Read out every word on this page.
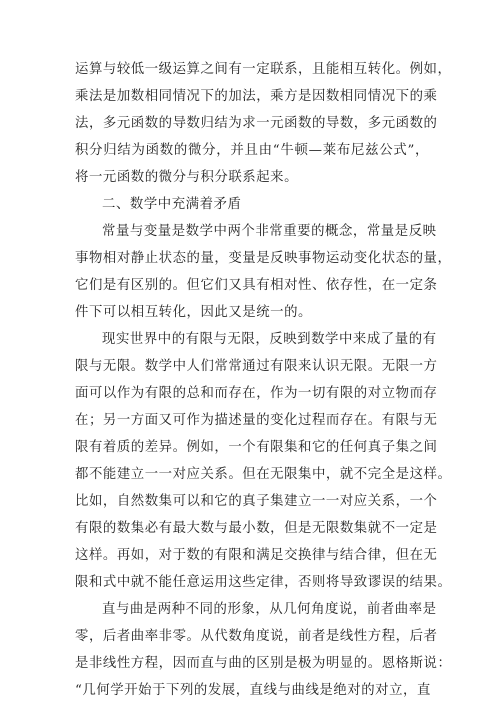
运算与较低一级运算之间有一定联系，且能相互转化。例如，
乘法是加数相同情况下的加法，乘方是因数相同情况下的乘
法，多元函数的导数归结为求一元函数的导数，多元函数的
积分归结为函数的微分，并且由“牛顿—莱布尼兹公式”，
将一元函数的微分与积分联系起来。
二、数学中充满着矛盾
常量与变量是数学中两个非常重要的概念，常量是反映
事物相对静止状态的量，变量是反映事物运动变化状态的量，
它们是有区别的。但它们又具有相对性、依存性，在一定条
件下可以相互转化，因此又是统一的。
现实世界中的有限与无限，反映到数学中来成了量的有
限与无限。数学中人们常常通过有限来认识无限。无限一方
面可以作为有限的总和而存在，作为一切有限的对立物而存
在；另一方面又可作为描述量的变化过程而存在。有限与无
限有着质的差异。例如，一个有限集和它的任何真子集之间
都不能建立一一对应关系。但在无限集中，就不完全是这样。
比如，自然数集可以和它的真子集建立一一对应关系，一个
有限的数集必有最大数与最小数，但是无限数集就不一定是
这样。再如，对于数的有限和满足交换律与结合律，但在无
限和式中就不能任意运用这些定律，否则将导致谬误的结果。
直与曲是两种不同的形象，从几何角度说，前者曲率是
零，后者曲率非零。从代数角度说，前者是线性方程，后者
是非线性方程，因而直与曲的区别是极为明显的。恩格斯说：
“几何学开始于下列的发展，直线与曲线是绝对的对立，直
